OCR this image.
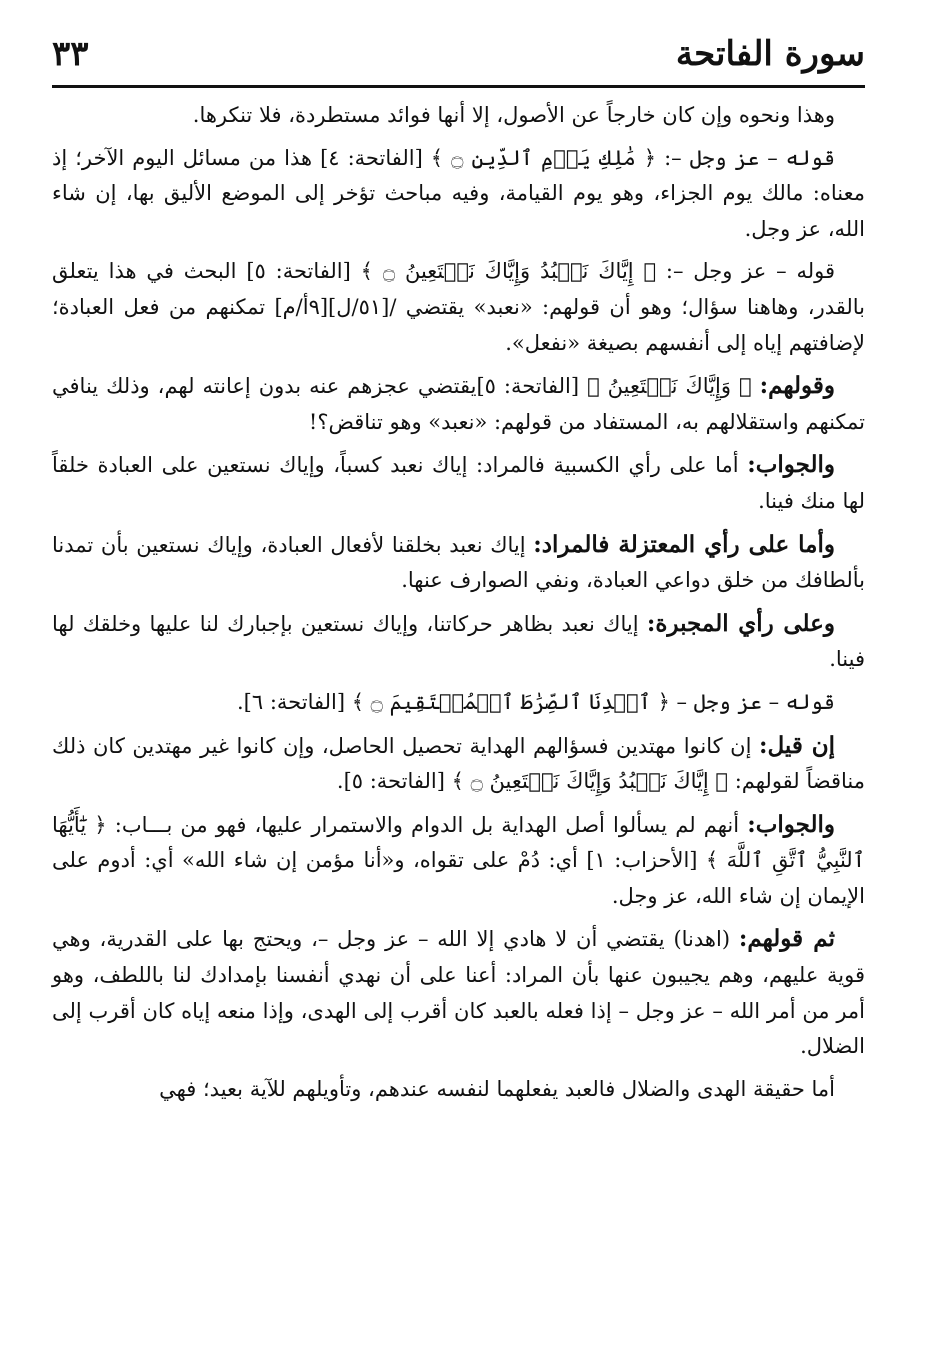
سورة الفاتحة
٣٣

وهذا ونحوه وإن كان خارجاً عن الأصول، إلا أنها فوائد مستطردة، فلا تنكرها.

قوله – عز وجل –: ﴿ مَٰلِكِ يَوۡمِ ٱلدِّينِ ۝ ﴾ [الفاتحة: ٤] هذا من مسائل اليوم الآخر؛ إذ معناه: مالك يوم الجزاء، وهو يوم القيامة، وفيه مباحث تؤخر إلى الموضع الأليق بها، إن شاء الله، عز وجل.

قوله – عز وجل –: ﴿ إِيَّاكَ نَعۡبُدُ وَإِيَّاكَ نَسۡتَعِينُ ۝ ﴾ [الفاتحة: ٥] البحث في هذا يتعلق بالقدر، وهاهنا سؤال؛ وهو أن قولهم: «نعبد» يقتضي /[٥١/ل][٩أ/م] تمكنهم من فعل العبادة؛ لإضافتهم إياه إلى أنفسهم بصيغة «نفعل».

وقولهم: ﴿ وَإِيَّاكَ نَسۡتَعِينُ ﴾ [الفاتحة: ٥]يقتضي عجزهم عنه بدون إعانته لهم، وذلك ينافي تمكنهم واستقلالهم به، المستفاد من قولهم: «نعبد» وهو تناقض؟!

والجواب: أما على رأي الكسبية فالمراد: إياك نعبد كسباً، وإياك نستعين على العبادة خلقاً لها منك فينا.

وأما على رأي المعتزلة فالمراد: إياك نعبد بخلقنا لأفعال العبادة، وإياك نستعين بأن تمدنا بألطافك من خلق دواعي العبادة، ونفي الصوارف عنها.

وعلى رأي المجبرة: إياك نعبد بظاهر حركاتنا، وإياك نستعين بإجبارك لنا عليها وخلقك لها فينا.

قوله – عز وجل – ﴿ ٱهۡدِنَا ٱلصِّرَٰطَ ٱلۡمُسۡتَقِيمَ ۝ ﴾ [الفاتحة: ٦].

إن قيل: إن كانوا مهتدين فسؤالهم الهداية تحصيل الحاصل، وإن كانوا غير مهتدين كان ذلك مناقضاً لقولهم: ﴿ إِيَّاكَ نَعۡبُدُ وَإِيَّاكَ نَسۡتَعِينُ ۝ ﴾ [الفاتحة: ٥].

والجواب: أنهم لم يسألوا أصل الهداية بل الدوام والاستمرار عليها، فهو من بـــاب: ﴿ يَٰٓأَيُّهَا ٱلنَّبِيُّ ٱتَّقِ ٱللَّهَ ﴾ [الأحزاب: ١] أي: دُمْ على تقواه، و«أنا مؤمن إن شاء الله» أي: أدوم على الإيمان إن شاء الله، عز وجل.

ثم قولهم: (اهدنا) يقتضي أن لا هادي إلا الله – عز وجل –، ويحتج بها على القدرية، وهي قوية عليهم، وهم يجيبون عنها بأن المراد: أعنا على أن نهدي أنفسنا بإمدادك لنا باللطف، وهو أمر من أمر الله – عز وجل – إذا فعله بالعبد كان أقرب إلى الهدى، وإذا منعه إياه كان أقرب إلى الضلال.

أما حقيقة الهدى والضلال فالعبد يفعلهما لنفسه عندهم، وتأويلهم للآية بعيد؛ فهي
